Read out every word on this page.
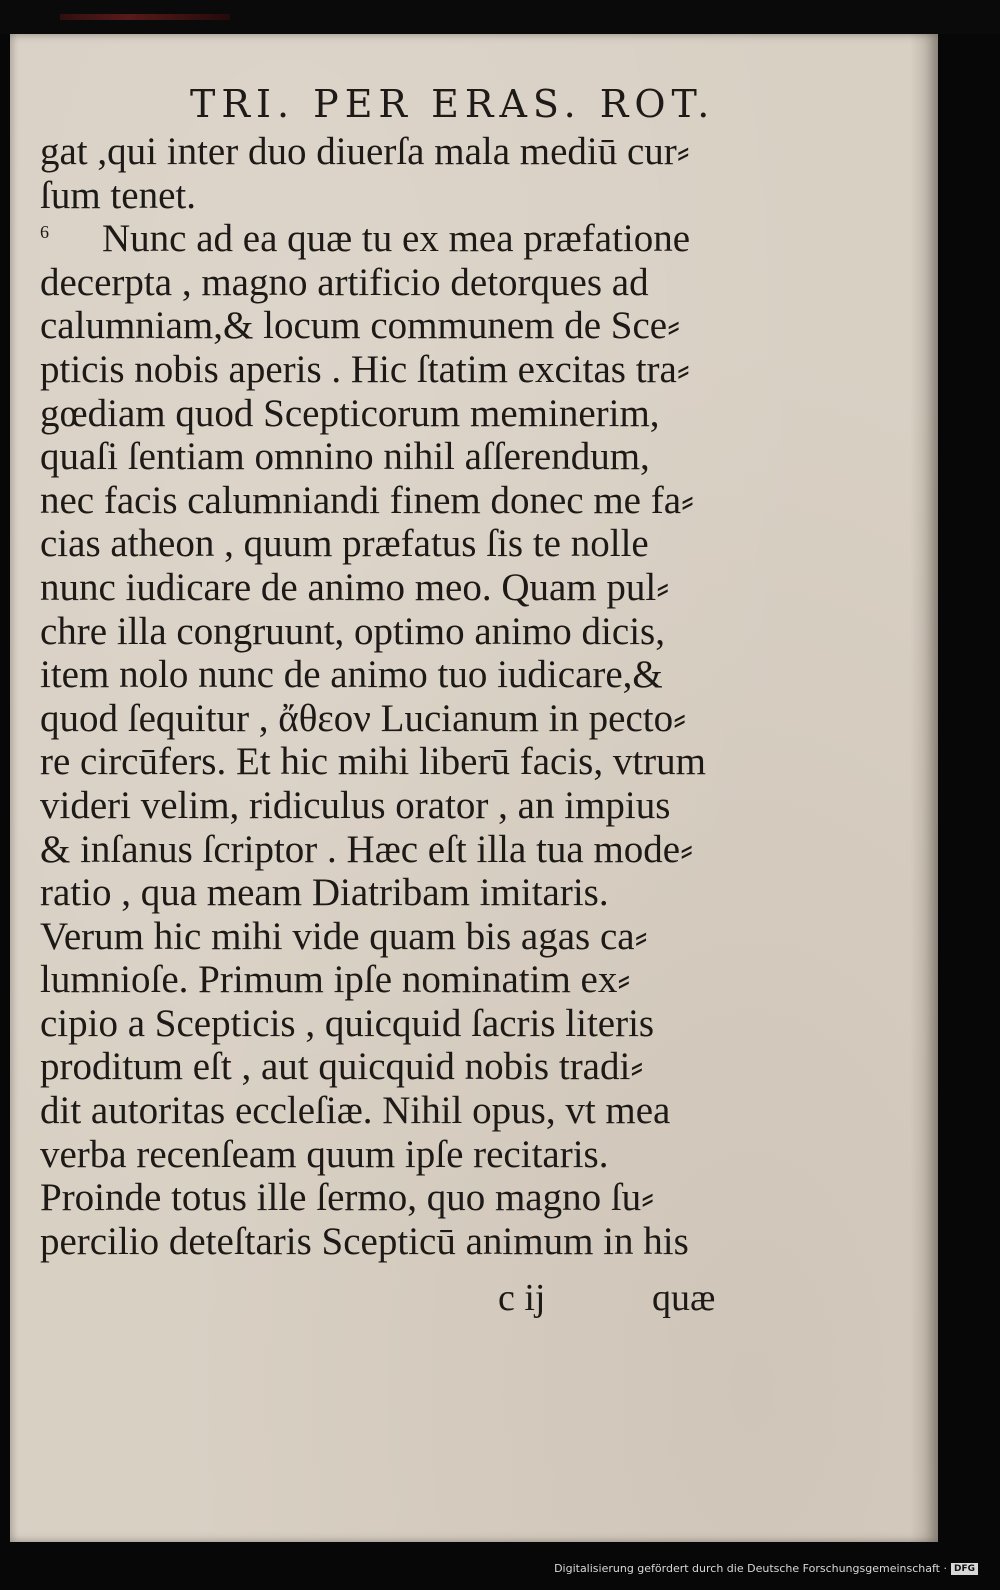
TRI. PER ERAS. ROT.
gat ,qui inter duo diuerſa mala mediū cur⸗
ſum tenet.
6 Nunc ad ea quæ tu ex mea præfatione
decerpta , magno artificio detorques ad
calumniam,& locum communem de Sce⸗
pticis nobis aperis . Hic ſtatim excitas tra⸗
gœdiam quod Scepticorum meminerim,
quaſi ſentiam omnino nihil aſſerendum,
nec facis calumniandi finem donec me fa⸗
cias atheon , quum præfatus ſis te nolle
nunc iudicare de animo meo. Quam pul⸗
chre illa congruunt, optimo animo dicis,
item nolo nunc de animo tuo iudicare,&
quod ſequitur , ἄθεον Lucianum in pecto⸗
re circūfers. Et hic mihi liberū facis, vtrum
videri velim, ridiculus orator , an impius
& inſanus ſcriptor . Hæc eſt illa tua mode⸗
ratio , qua meam Diatribam imitaris.
Verum hic mihi vide quam bis agas ca⸗
lumnioſe. Primum ipſe nominatim ex⸗
cipio a Scepticis , quicquid ſacris literis
proditum eſt , aut quicquid nobis tradi⸗
dit autoritas eccleſiæ. Nihil opus, vt mea
verba recenſeam quum ipſe recitaris.
Proinde totus ille ſermo, quo magno ſu⸗
percilio deteſtaris Scepticū animum in his
c ij	quæ
Digitalisierung gefördert durch die Deutsche Forschungsgemeinschaft · DFG
